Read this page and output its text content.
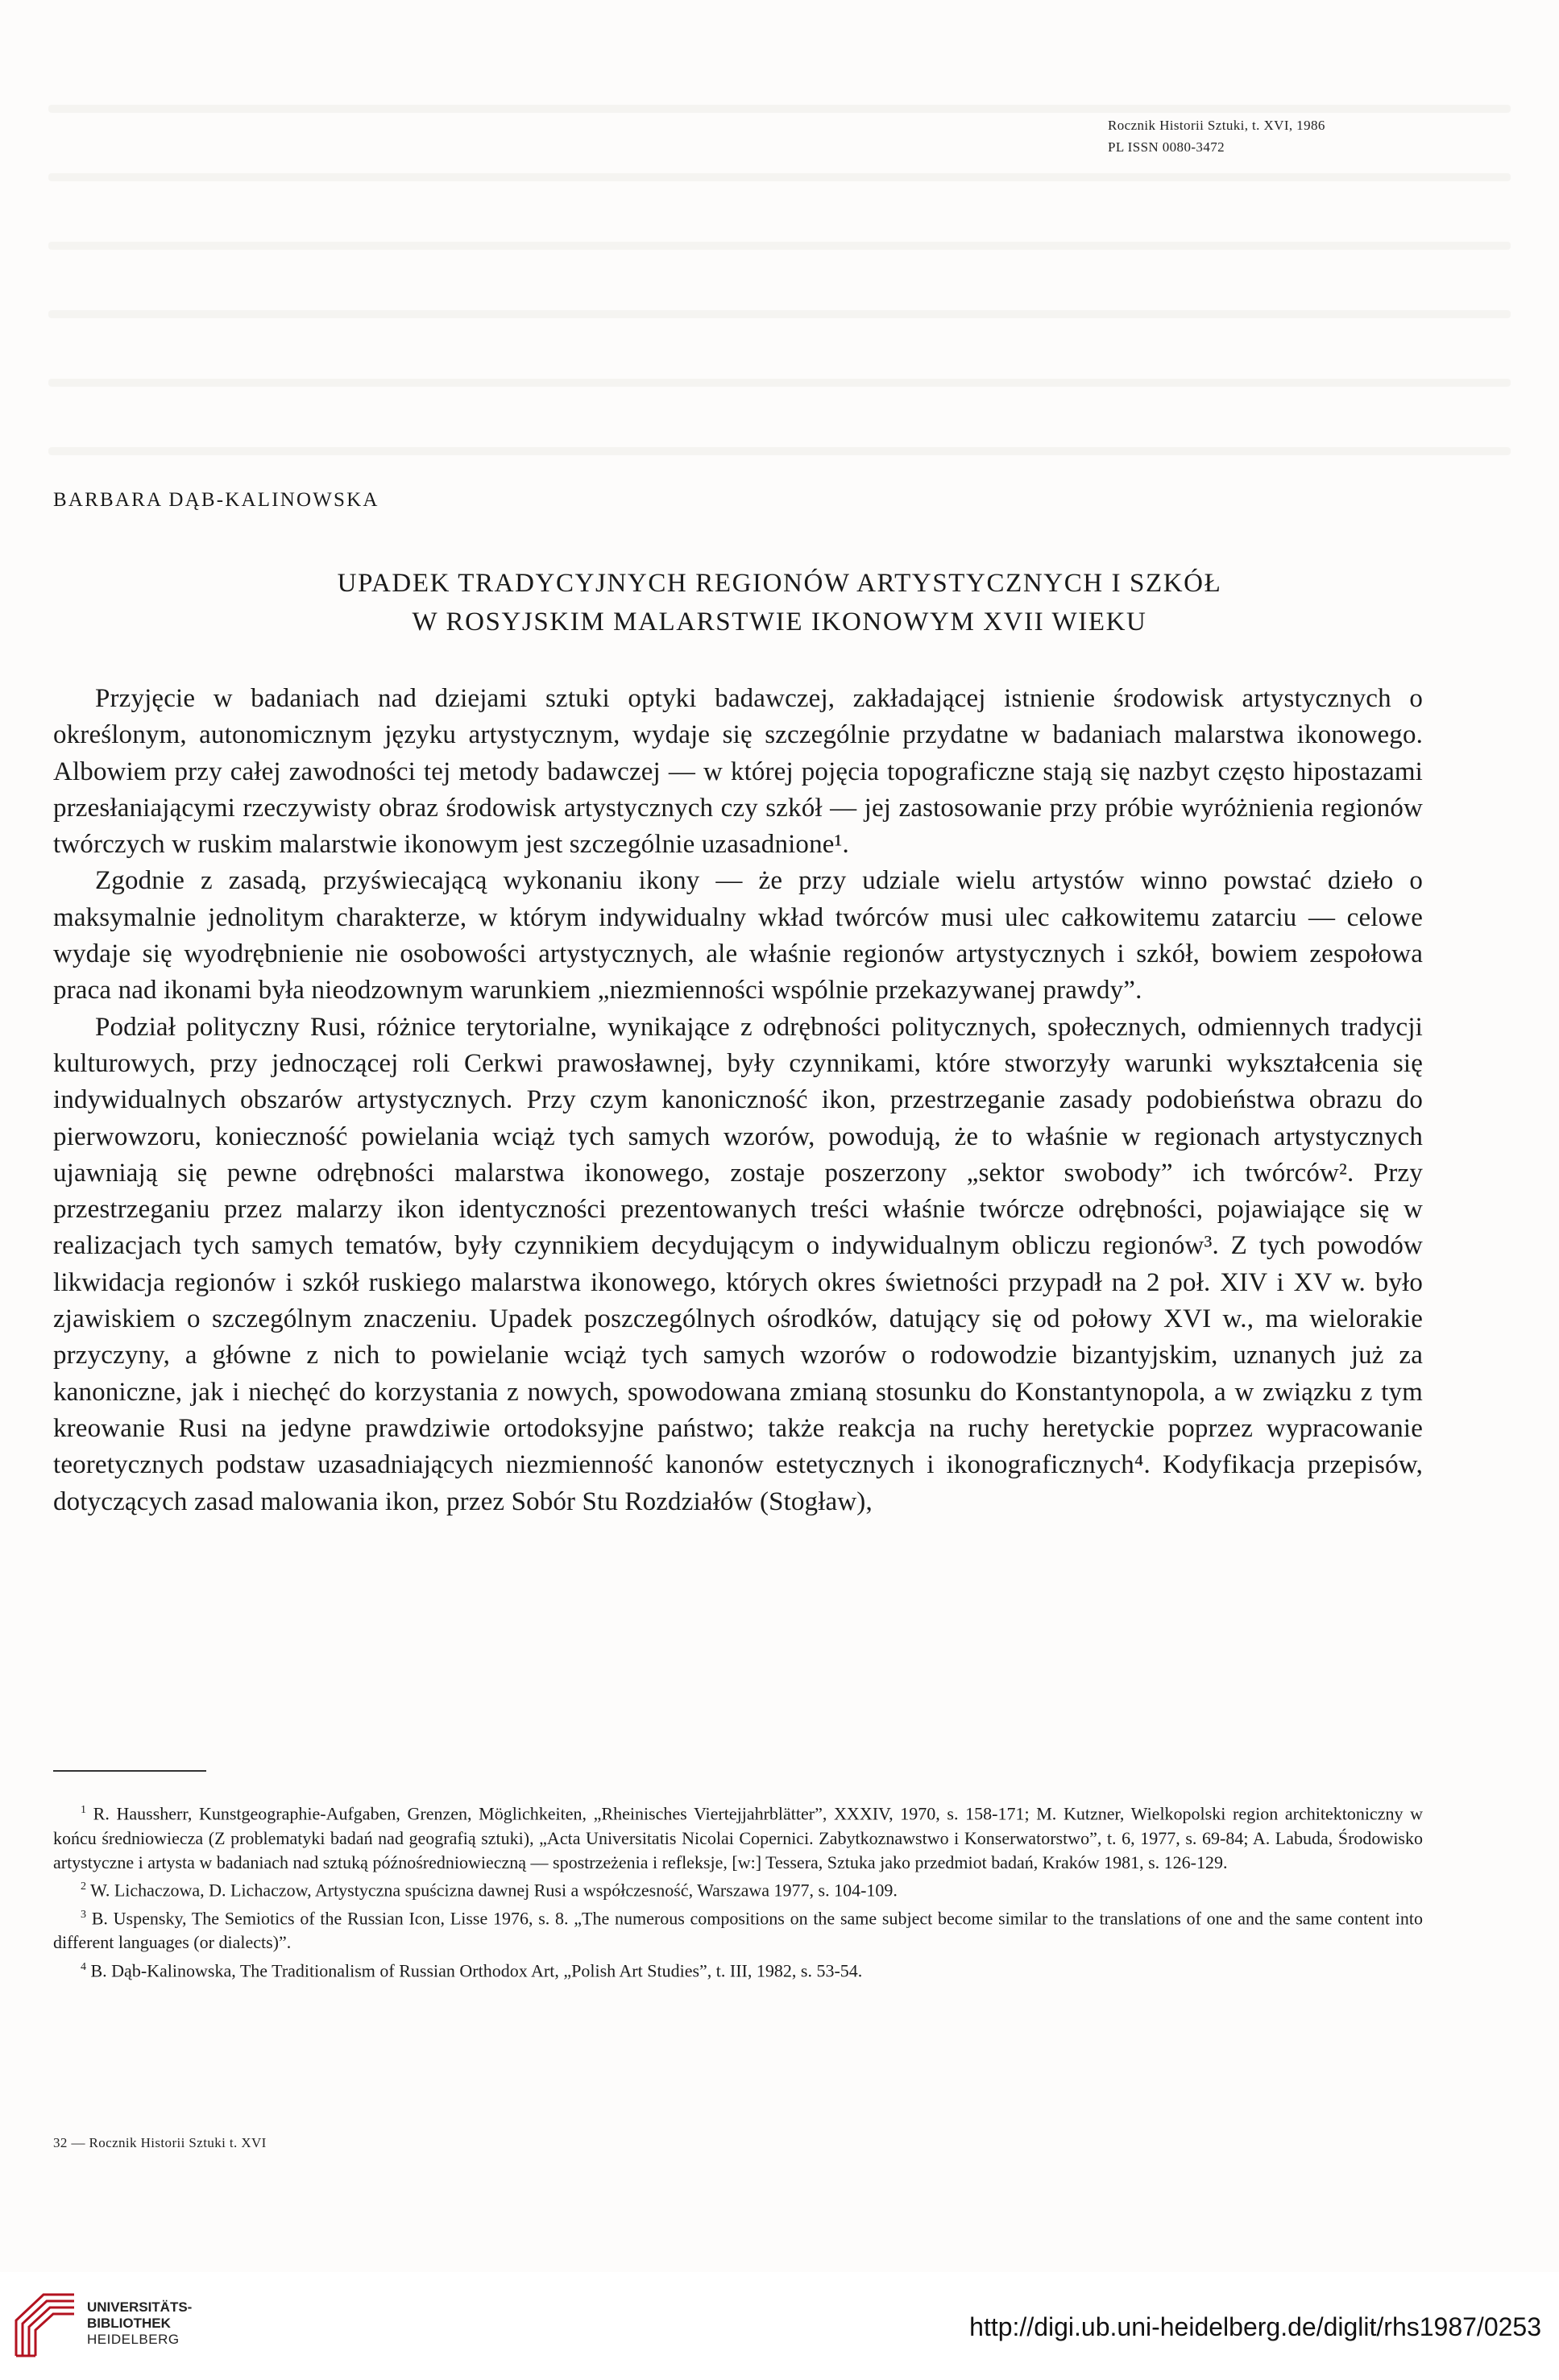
Rocznik Historii Sztuki, t. XVI, 1986
PL ISSN 0080-3472
BARBARA DĄB-KALINOWSKA
UPADEK TRADYCYJNYCH REGIONÓW ARTYSTYCZNYCH I SZKÓŁ
W ROSYJSKIM MALARSTWIE IKONOWYM XVII WIEKU

Przyjęcie w badaniach nad dziejami sztuki optyki badawczej, zakładającej istnienie środowisk artystycznych o określonym, autonomicznym języku artystycznym, wydaje się szczególnie przydatne w badaniach malarstwa ikonowego. Albowiem przy całej zawodności tej metody badawczej — w której pojęcia topograficzne stają się nazbyt często hipostazami przesłaniającymi rzeczywisty obraz środowisk artystycznych czy szkół — jej zastosowanie przy próbie wyróżnienia regionów twórczych w ruskim malarstwie ikonowym jest szczególnie uzasadnione¹.

Zgodnie z zasadą, przyświecającą wykonaniu ikony — że przy udziale wielu artystów winno powstać dzieło o maksymalnie jednolitym charakterze, w którym indywidualny wkład twórców musi ulec całkowitemu zatarciu — celowe wydaje się wyodrębnienie nie osobowości artystycznych, ale właśnie regionów artystycznych i szkół, bowiem zespołowa praca nad ikonami była nieodzownym warunkiem „niezmienności wspólnie przekazywanej prawdy”.

Podział polityczny Rusi, różnice terytorialne, wynikające z odrębności politycznych, społecznych, odmiennych tradycji kulturowych, przy jednoczącej roli Cerkwi prawosławnej, były czynnikami, które stworzyły warunki wykształcenia się indywidualnych obszarów artystycznych. Przy czym kanoniczność ikon, przestrzeganie zasady podobieństwa obrazu do pierwowzoru, konieczność powielania wciąż tych samych wzorów, powodują, że to właśnie w regionach artystycznych ujawniają się pewne odrębności malarstwa ikonowego, zostaje poszerzony „sektor swobody” ich twórców². Przy przestrzeganiu przez malarzy ikon identyczności prezentowanych treści właśnie twórcze odrębności, pojawiające się w realizacjach tych samych tematów, były czynnikiem decydującym o indywidualnym obliczu regionów³. Z tych powodów likwidacja regionów i szkół ruskiego malarstwa ikonowego, których okres świetności przypadł na 2 poł. XIV i XV w. było zjawiskiem o szczególnym znaczeniu. Upadek poszczególnych ośrodków, datujący się od połowy XVI w., ma wielorakie przyczyny, a główne z nich to powielanie wciąż tych samych wzorów o rodowodzie bizantyjskim, uznanych już za kanoniczne, jak i niechęć do korzystania z nowych, spowodowana zmianą stosunku do Konstantynopola, a w związku z tym kreowanie Rusi na jedyne prawdziwie ortodoksyjne państwo; także reakcja na ruchy heretyckie poprzez wypracowanie teoretycznych podstaw uzasadniających niezmienność kanonów estetycznych i ikonograficznych⁴. Kodyfikacja przepisów, dotyczących zasad malowania ikon, przez Sobór Stu Rozdziałów (Stogław),

$^1$ R. Haussherr, Kunstgeographie-Aufgaben, Grenzen, Möglichkeiten, „Rheinisches Viertejjahrblätter”, XXXIV, 1970, s. 158-171; M. Kutzner, Wielkopolski region architektoniczny w końcu średniowiecza (Z problematyki badań nad geografią sztuki), „Acta Universitatis Nicolai Copernici. Zabytkoznawstwo i Konserwatorstwo”, t. 6, 1977, s. 69-84; A. Labuda, Środowisko artystyczne i artysta w badaniach nad sztuką późnośredniowieczną — spostrzeżenia i refleksje, [w:] Tessera, Sztuka jako przedmiot badań, Kraków 1981, s. 126-129.

$^2$ W. Lichaczowa, D. Lichaczow, Artystyczna spuścizna dawnej Rusi a współczesność, Warszawa 1977, s. 104-109.

$^3$ B. Uspensky, The Semiotics of the Russian Icon, Lisse 1976, s. 8. „The numerous compositions on the same subject become similar to the translations of one and the same content into different languages (or dialects)”.

$^4$ B. Dąb-Kalinowska, The Traditionalism of Russian Orthodox Art, „Polish Art Studies”, t. III, 1982, s. 53-54.

32 — Rocznik Historii Sztuki t. XVI
UNIVERSITÄTS-
BIBLIOTHEK
HEIDELBERG	http://digi.ub.uni-heidelberg.de/diglit/rhs1987/0253
